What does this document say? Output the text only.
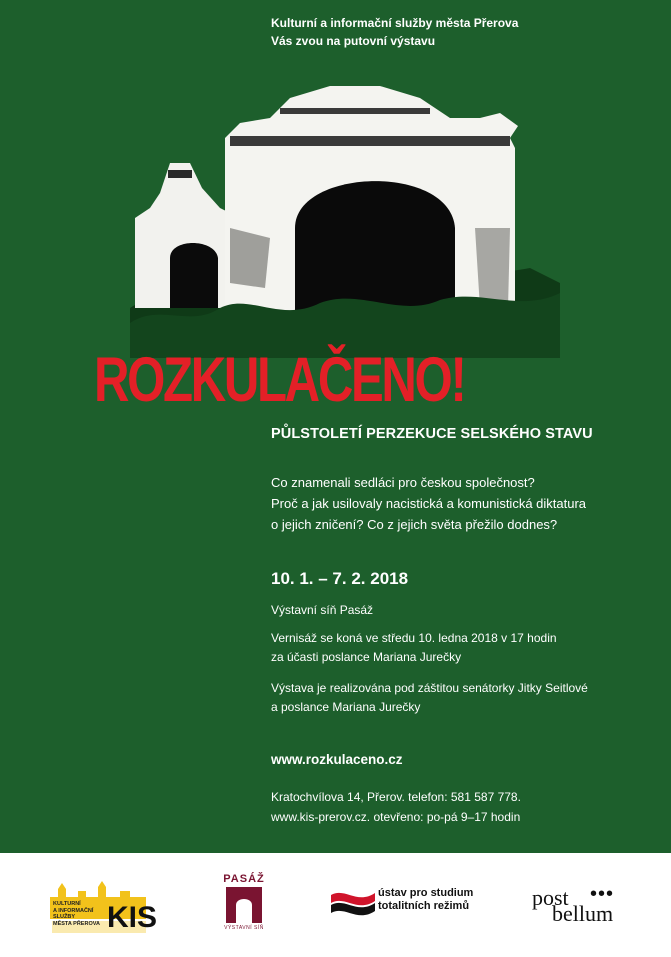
Kulturní a informační služby města Přerova
Vás zvou na putovní výstavu
ROZKULAČENO!
PŮLSTOLETÍ PERZEKUCE SELSKÉHO STAVU
Co znamenali sedláci pro českou společnost?
Proč a jak usilovaly nacistická a komunistická diktatura
o jejich zničení? Co z jejich světa přežilo dodnes?
10. 1. – 7. 2. 2018
Výstavní síň Pasáž
Vernisáž se koná ve středu 10. ledna 2018 v 17 hodin
za účasti poslance Mariana Jurečky
Výstava je realizována pod záštitou senátorky Jitky Seitlové
a poslance Mariana Jurečky
www.rozkulaceno.cz
Kratochvílova 14, Přerov. telefon: 581 587 778.
www.kis-prerov.cz. otevřeno: po-pá 9–17 hodin
KULTURNÍ
A INFORMAČNÍ
SLUŽBY
MĚSTA PŘEROVA KIS
PASÁŽ
VÝSTAVNÍ SÍŇ
ústav pro studium
totalitních režimů	post
bellum
•••
